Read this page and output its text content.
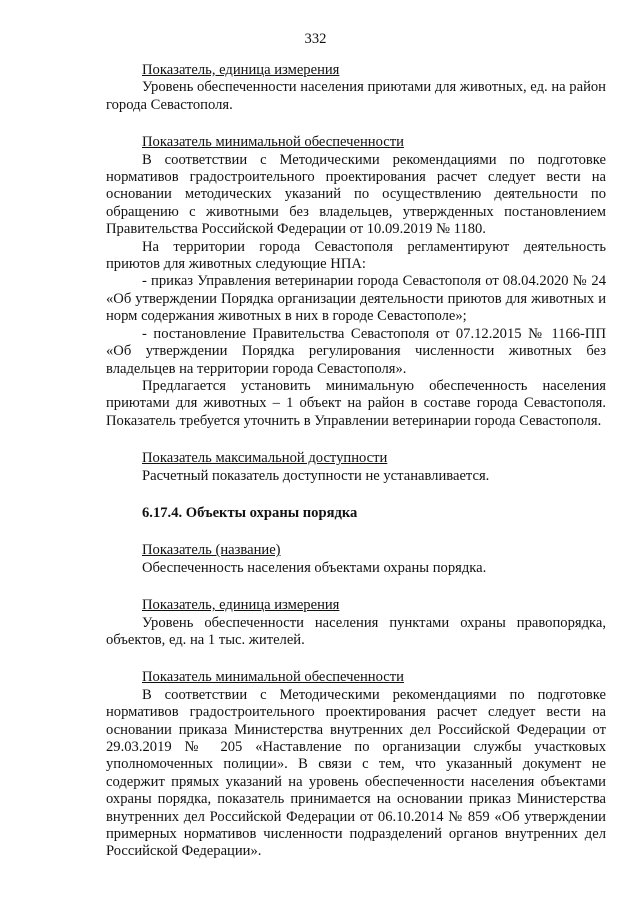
332
Показатель, единица измерения

Уровень обеспеченности населения приютами для животных, ед. на район города Севастополя.

Показатель минимальной обеспеченности

В соответствии с Методическими рекомендациями по подготовке нормативов градостроительного проектирования расчет следует вести на основании методических указаний по осуществлению деятельности по обращению с животными без владельцев, утвержденных постановлением Правительства Российской Федерации от 10.09.2019 № 1180.

На территории города Севастополя регламентируют деятельность приютов для животных следующие НПА:

- приказ Управления ветеринарии города Севастополя от 08.04.2020 № 24 «Об утверждении Порядка организации деятельности приютов для животных и норм содержания животных в них в городе Севастополе»;

- постановление Правительства Севастополя от 07.12.2015 № 1166-ПП «Об утверждении Порядка регулирования численности животных без владельцев на территории города Севастополя».

Предлагается установить минимальную обеспеченность населения приютами для животных – 1 объект на район в составе города Севастополя. Показатель требуется уточнить в Управлении ветеринарии города Севастополя.

Показатель максимальной доступности

Расчетный показатель доступности не устанавливается.

6.17.4. Объекты охраны порядка
Показатель (название)

Обеспеченность населения объектами охраны порядка.

Показатель, единица измерения

Уровень обеспеченности населения пунктами охраны правопорядка, объектов, ед. на 1 тыс. жителей.

Показатель минимальной обеспеченности

В соответствии с Методическими рекомендациями по подготовке нормативов градостроительного проектирования расчет следует вести на основании приказа Министерства внутренних дел Российской Федерации от 29.03.2019 № 205 «Наставление по организации службы участковых уполномоченных полиции». В связи с тем, что указанный документ не содержит прямых указаний на уровень обеспеченности населения объектами охраны порядка, показатель принимается на основании приказ Министерства внутренних дел Российской Федерации от 06.10.2014 № 859 «Об утверждении примерных нормативов численности подразделений органов внутренних дел Российской Федерации».
